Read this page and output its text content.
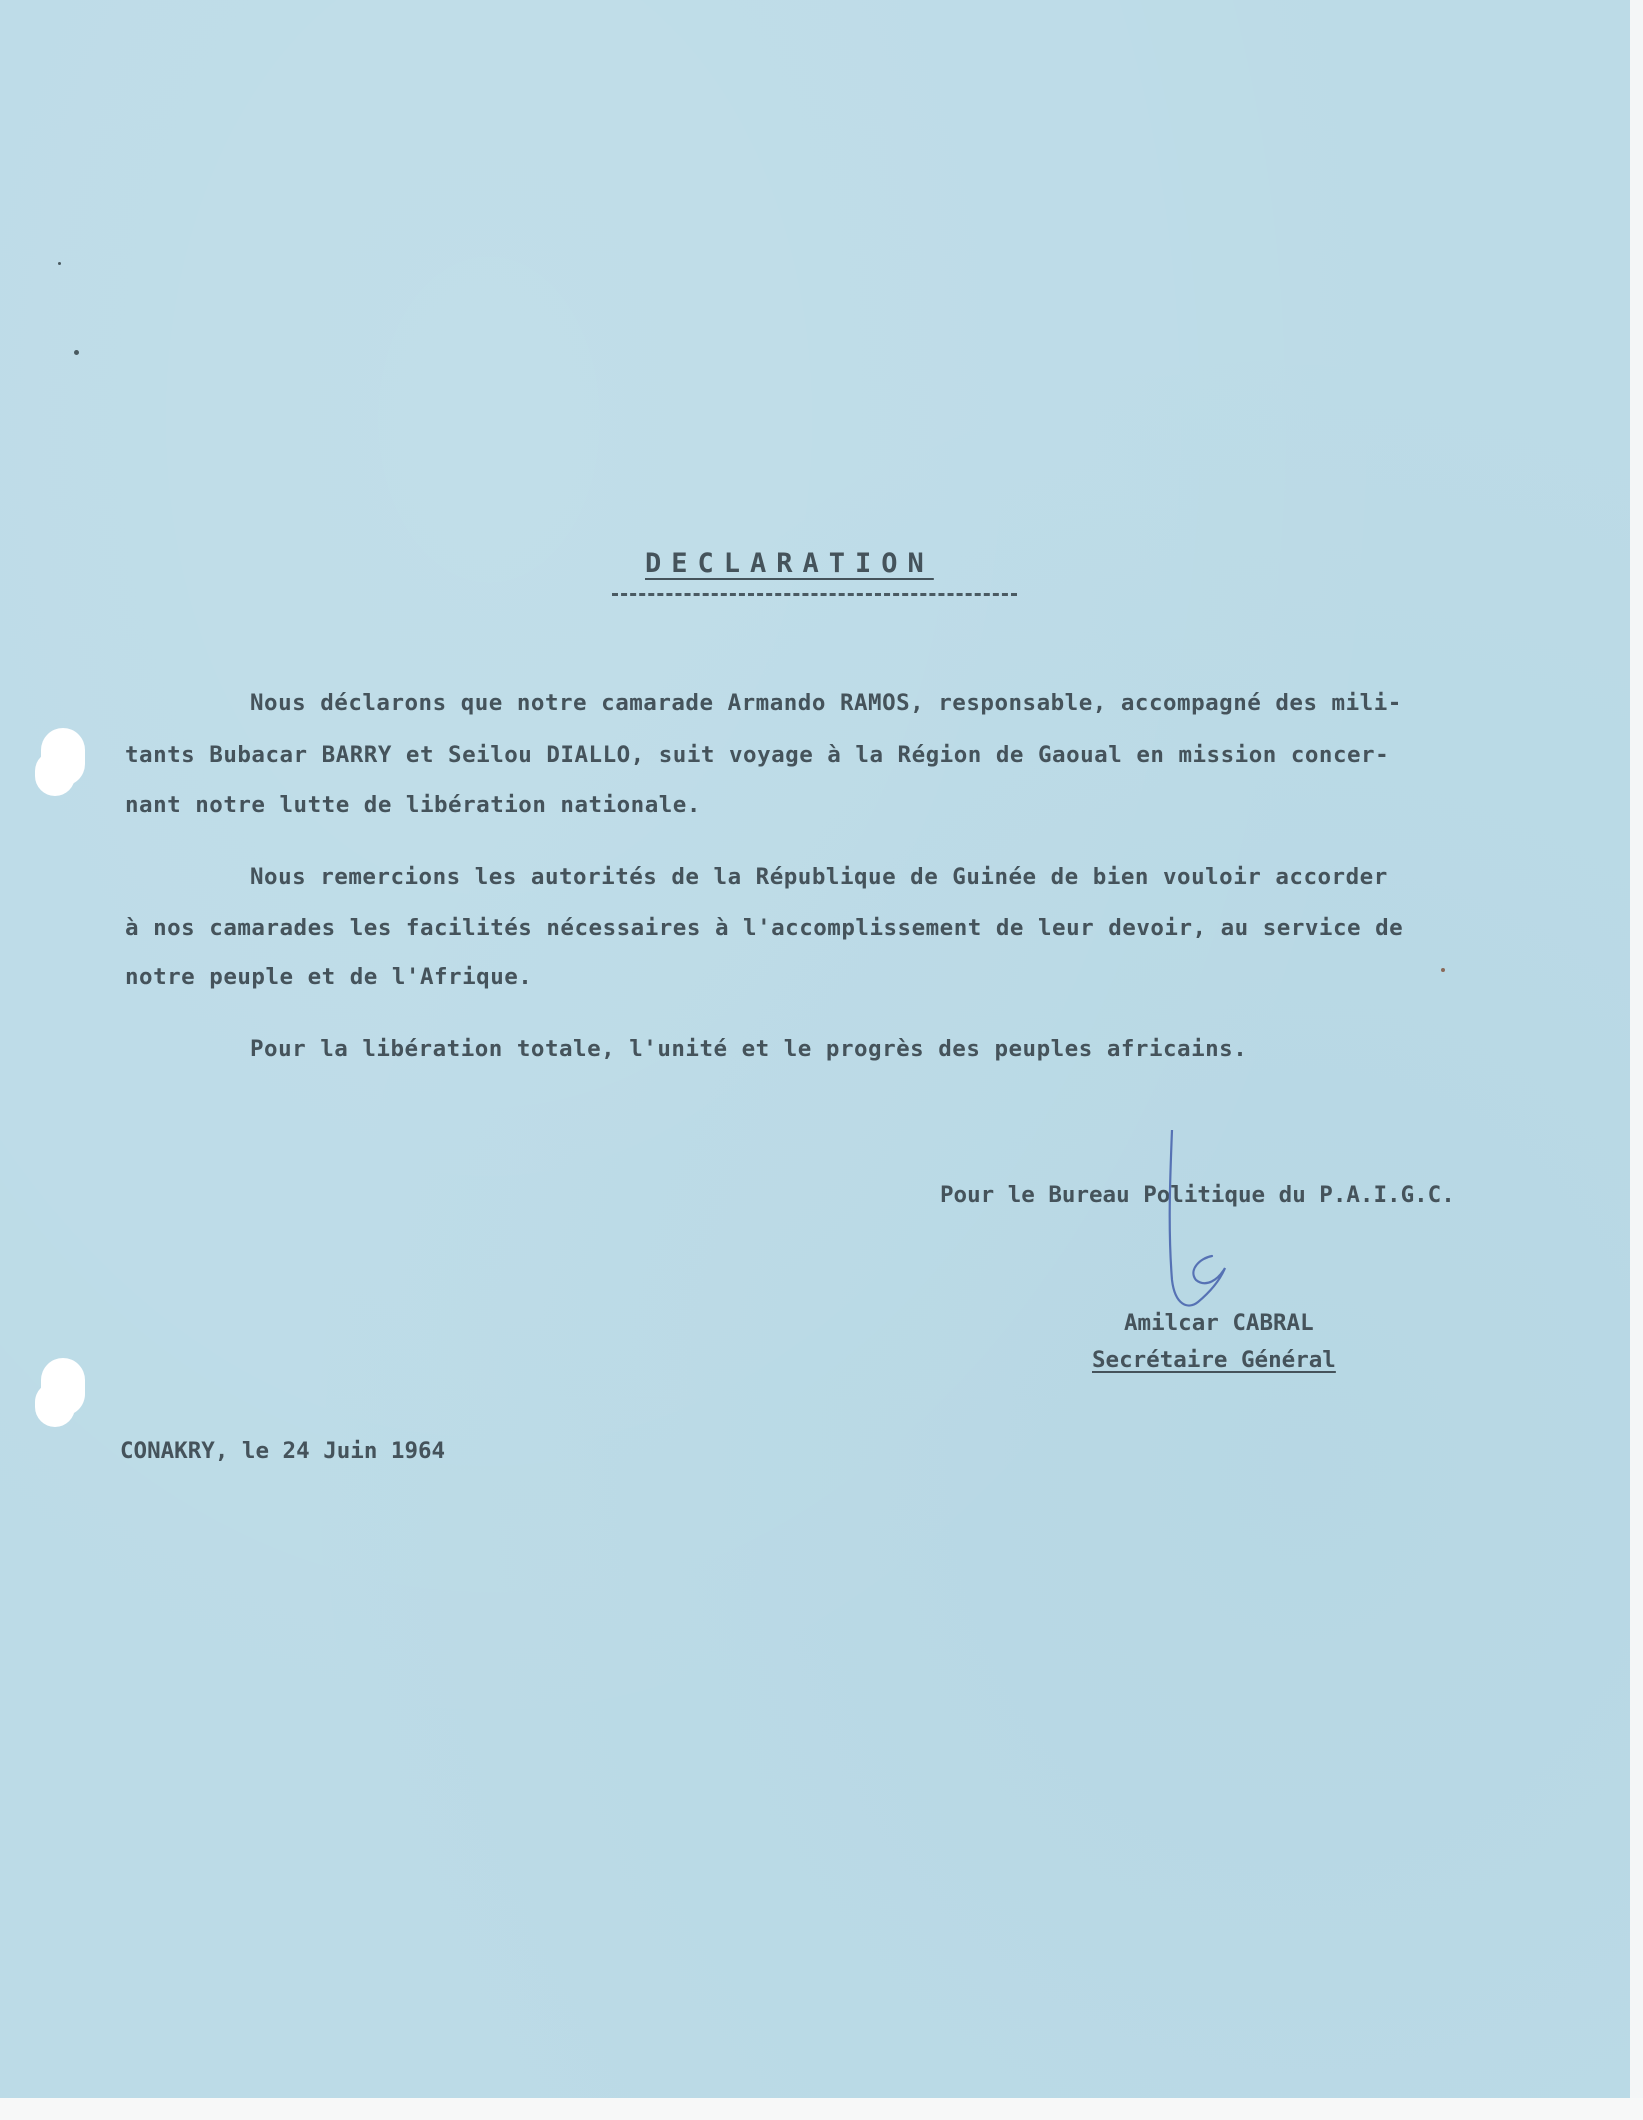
DECLARATION
Nous déclarons que notre camarade Armando RAMOS, responsable, accompagné des mili-
tants Bubacar BARRY et Seilou DIALLO, suit voyage à la Région de Gaoual en mission concer-
nant notre lutte de libération nationale.
Nous remercions les autorités de la République de Guinée de bien vouloir accorder
à nos camarades les facilités nécessaires à l'accomplissement de leur devoir, au service de
notre peuple et de l'Afrique.
Pour la libération totale, l'unité et le progrès des peuples africains.
Pour le Bureau Politique du P.A.I.G.C.
Amilcar CABRAL
Secrétaire Général
CONAKRY, le 24 Juin 1964
